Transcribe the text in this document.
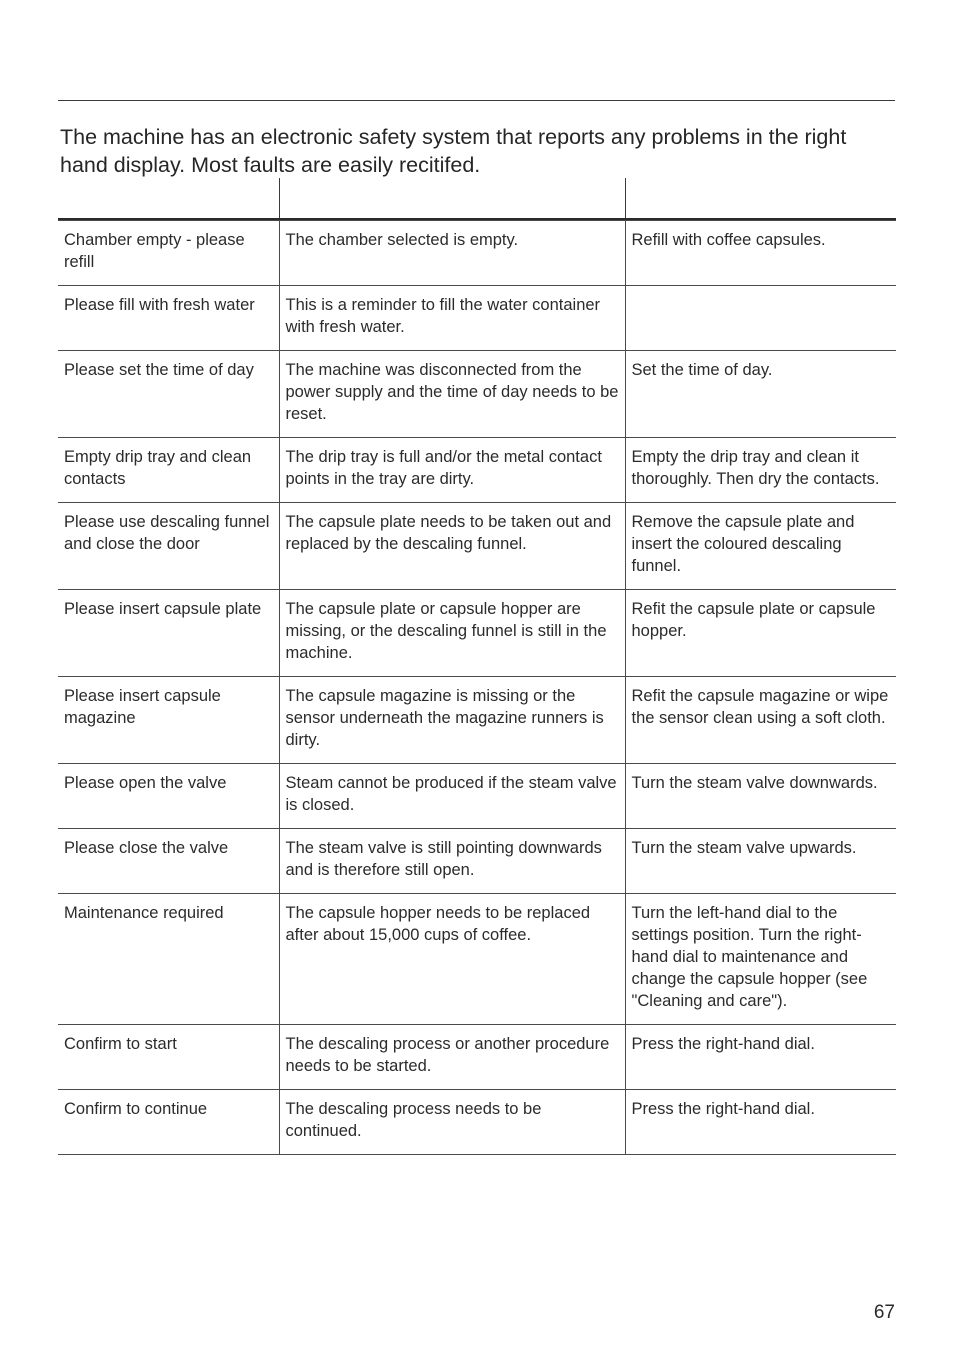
The machine has an electronic safety system that reports any problems in the right hand display. Most faults are easily recitifed.

Chamber empty - please refill	The chamber selected is empty.	Refill with coffee capsules.
Please fill with fresh water	This is a reminder to fill the water container with fresh water.	
Please set the time of day	The machine was disconnected from the power supply and the time of day needs to be reset.	Set the time of day.
Empty drip tray and clean contacts	The drip tray is full and/or the metal contact points in the tray are dirty.	Empty the drip tray and clean it thoroughly. Then dry the contacts.
Please use descaling funnel and close the door	The capsule plate needs to be taken out and replaced by the descaling funnel.	Remove the capsule plate and insert the coloured descaling funnel.
Please insert capsule plate	The capsule plate or capsule hopper are missing, or the descaling funnel is still in the machine.	Refit the capsule plate or capsule hopper.
Please insert capsule magazine	The capsule magazine is missing or the sensor underneath the magazine runners is dirty.	Refit the capsule magazine or wipe the sensor clean using a soft cloth.
Please open the valve	Steam cannot be produced if the steam valve is closed.	Turn the steam valve downwards.
Please close the valve	The steam valve is still pointing downwards and is therefore still open.	Turn the steam valve upwards.
Maintenance required	The capsule hopper needs to be replaced after about 15,000 cups of coffee.	Turn the left-hand dial to the settings position. Turn the right-hand dial to maintenance and change the capsule hopper (see "Cleaning and care").
Confirm to start	The descaling process or another procedure needs to be started.	Press the right-hand dial.
Confirm to continue	The descaling process needs to be continued.	Press the right-hand dial.
67
